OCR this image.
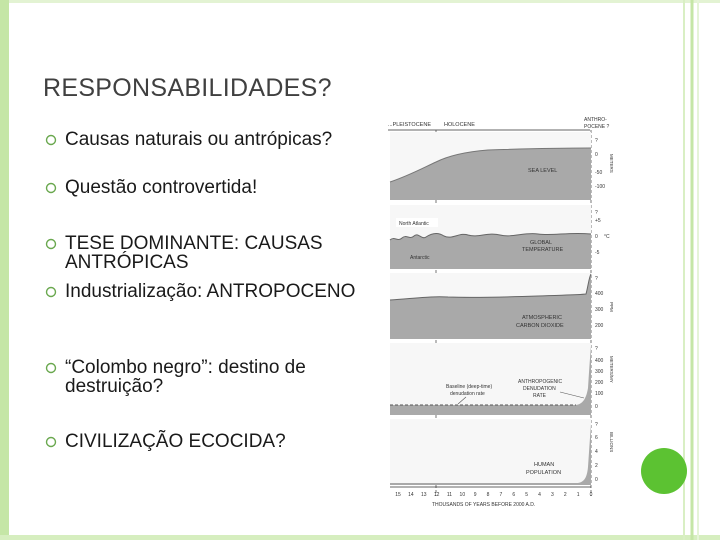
RESPONSABILIDADES?
Causas naturais ou antrópicas?
Questão controvertida!
TESE DOMINANTE: CAUSAS ANTRÓPICAS
Industrialização: ANTROPOCENO
“Colombo negro”: destino de destruição?
CIVILIZAÇÃO ECOCIDA?
...PLEISTOCENE HOLOCENE
ANTHRO-
POCENE ?
SEA LEVEL
?
0
-50
-100
METERS
North Atlantic
Antarctic
GLOBAL
TEMPERATURE
?
+5
0
-5
°C
ATMOSPHERIC
CARBON DIOXIDE
?
400
300
200
PPM
Baseline (deep-time)
denudation rate
ANTHROPOGENIC
DENUDATION
RATE
?
400
300
200
100
0
METERS/MY
HUMAN
POPULATION
?
6
4
2
0
BILLIONS
15 14 13 12 11 10 9 8 7 6 5 4 3 2 1 0
THOUSANDS OF YEARS BEFORE 2000 A.D.
